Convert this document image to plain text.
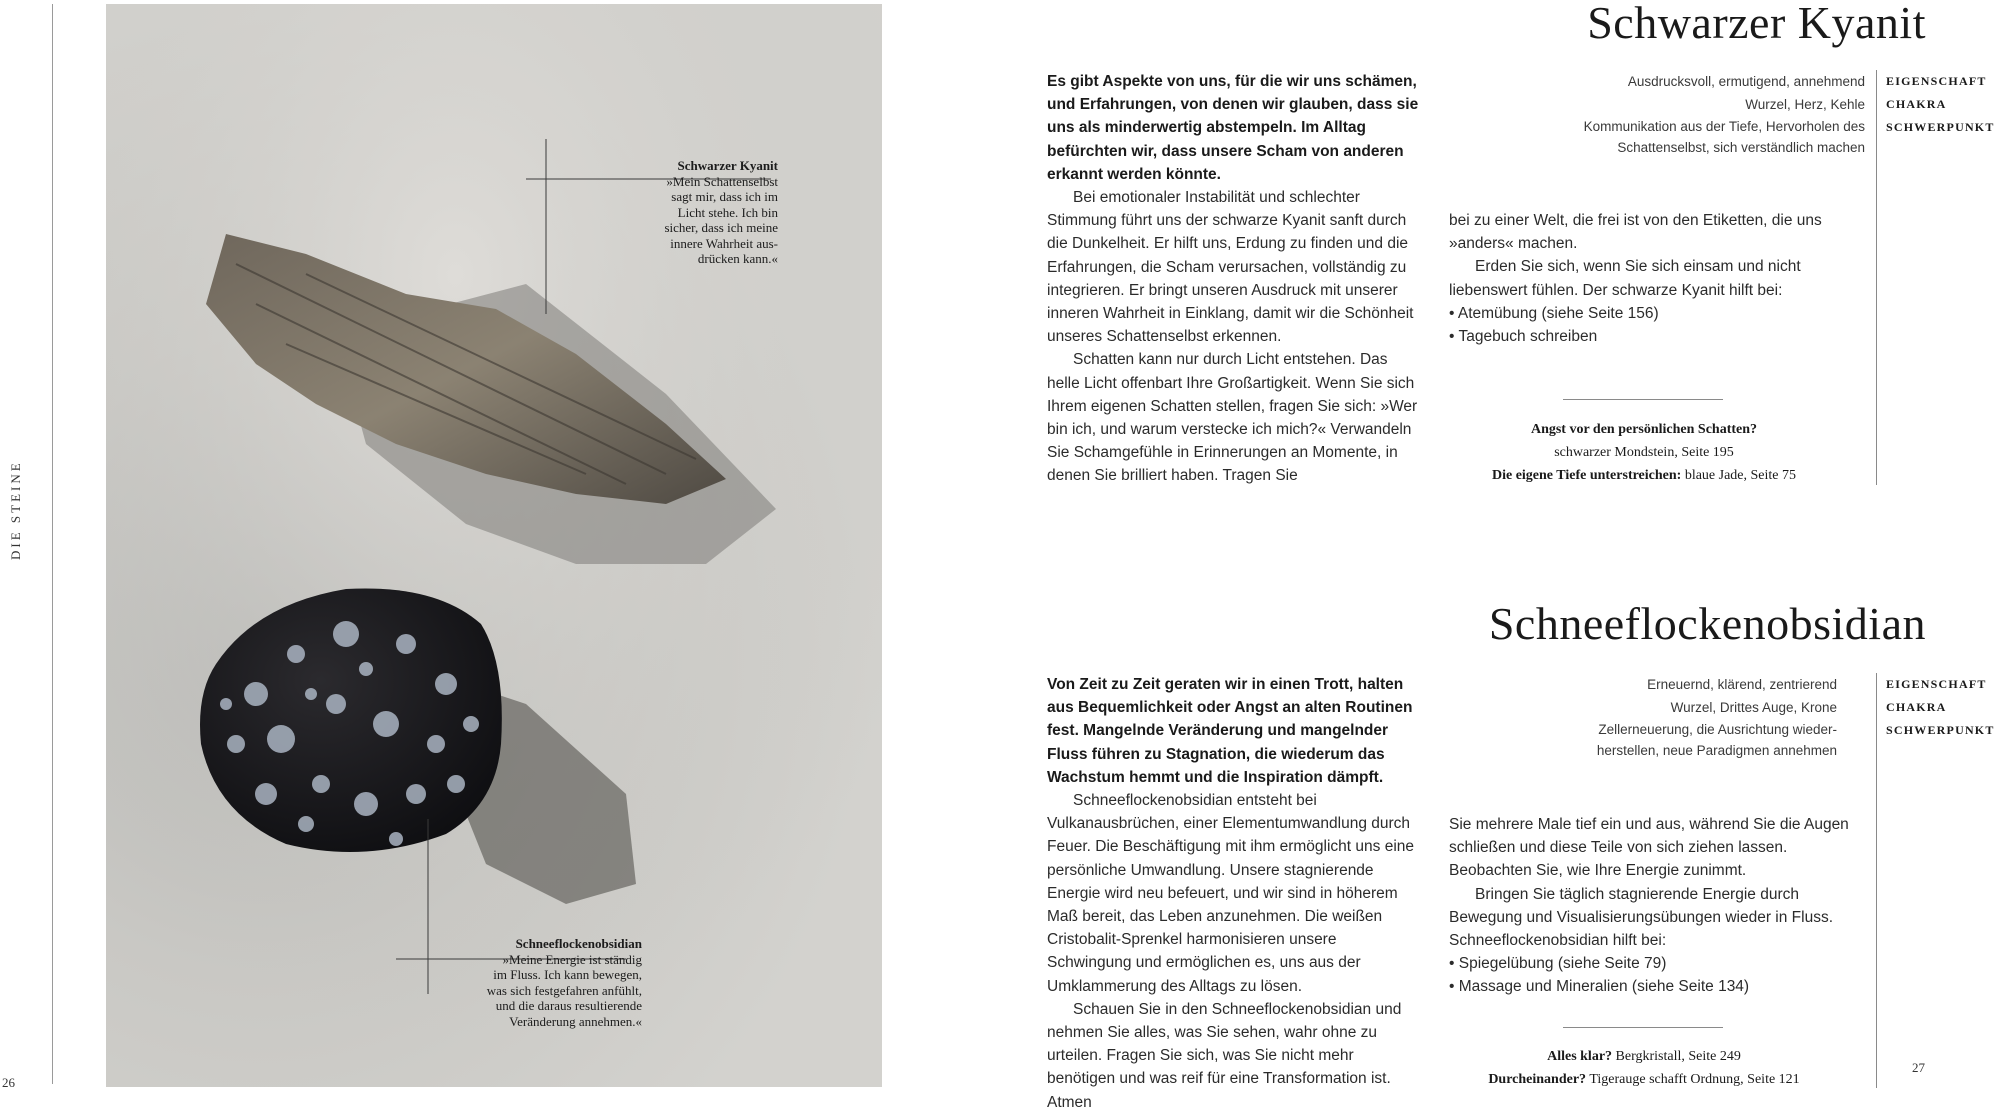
DIE STEINE
26
Schwarzer Kyanit
»Mein Schattenselbst
sagt mir, dass ich im
Licht stehe. Ich bin
sicher, dass ich meine
innere Wahrheit aus-
drücken kann.«
Schneeflockenobsidian
»Meine Energie ist ständig
im Fluss. Ich kann bewegen,
was sich festgefahren anfühlt,
und die daraus resultierende
Veränderung annehmen.«
Schwarzer Kyanit

Es gibt Aspekte von uns, für die wir uns schämen, und Erfahrungen, von denen wir glauben, dass sie uns als minderwertig abstempeln. Im Alltag befürchten wir, dass unsere Scham von anderen erkannt werden könnte.

Bei emotionaler Instabilität und schlechter Stimmung führt uns der schwarze Kyanit sanft durch die Dunkelheit. Er hilft uns, Erdung zu finden und die Erfahrungen, die Scham verursachen, vollständig zu integrieren. Er bringt unseren Ausdruck mit unserer inneren Wahrheit in Einklang, damit wir die Schönheit unseres Schattenselbst erkennen.

Schatten kann nur durch Licht entstehen. Das helle Licht offenbart Ihre Großartigkeit. Wenn Sie sich Ihrem eigenen Schatten stellen, fragen Sie sich: »Wer bin ich, und warum verstecke ich mich?« Verwandeln Sie Schamgefühle in Erinnerungen an Momente, in denen Sie brilliert haben. Tragen Sie

bei zu einer Welt, die frei ist von den Etiketten, die uns »anders« machen.

Erden Sie sich, wenn Sie sich einsam und nicht liebenswert fühlen. Der schwarze Kyanit hilft bei:

• Atemübung (siehe Seite 156)

• Tagebuch schreiben

Ausdrucksvoll, ermutigend, annehmend
Wurzel, Herz, Kehle
Kommunikation aus der Tiefe, Hervorholen des
Schattenselbst, sich verständlich machen
EIGENSCHAFT
CHAKRA
SCHWERPUNKT
Angst vor den persönlichen Schatten?
schwarzer Mondstein, Seite 195
Die eigene Tiefe unterstreichen: blaue Jade, Seite 75
Schneeflockenobsidian

Von Zeit zu Zeit geraten wir in einen Trott, halten aus Bequemlichkeit oder Angst an alten Routinen fest. Mangelnde Veränderung und mangelnder Fluss führen zu Stagnation, die wiederum das Wachstum hemmt und die Inspiration dämpft.

Schneeflockenobsidian entsteht bei Vulkanausbrüchen, einer Elementumwandlung durch Feuer. Die Beschäftigung mit ihm ermöglicht uns eine persönliche Umwandlung. Unsere stagnierende Energie wird neu befeuert, und wir sind in höherem Maß bereit, das Leben anzunehmen. Die weißen Cristobalit-Sprenkel harmonisieren unsere Schwingung und ermöglichen es, uns aus der Umklammerung des Alltags zu lösen.

Schauen Sie in den Schneeflockenobsidian und nehmen Sie alles, was Sie sehen, wahr ohne zu urteilen. Fragen Sie sich, was Sie nicht mehr benötigen und was reif für eine Transformation ist. Atmen

Sie mehrere Male tief ein und aus, während Sie die Augen schließen und diese Teile von sich ziehen lassen. Beobachten Sie, wie Ihre Energie zunimmt.

Bringen Sie täglich stagnierende Energie durch Bewegung und Visualisierungsübungen wieder in Fluss. Schneeflockenobsidian hilft bei:

• Spiegelübung (siehe Seite 79)

• Massage und Mineralien (siehe Seite 134)

Erneuernd, klärend, zentrierend
Wurzel, Drittes Auge, Krone
Zellerneuerung, die Ausrichtung wieder-
herstellen, neue Paradigmen annehmen
EIGENSCHAFT
CHAKRA
SCHWERPUNKT
Alles klar? Bergkristall, Seite 249
Durcheinander? Tigerauge schafft Ordnung, Seite 121
27
